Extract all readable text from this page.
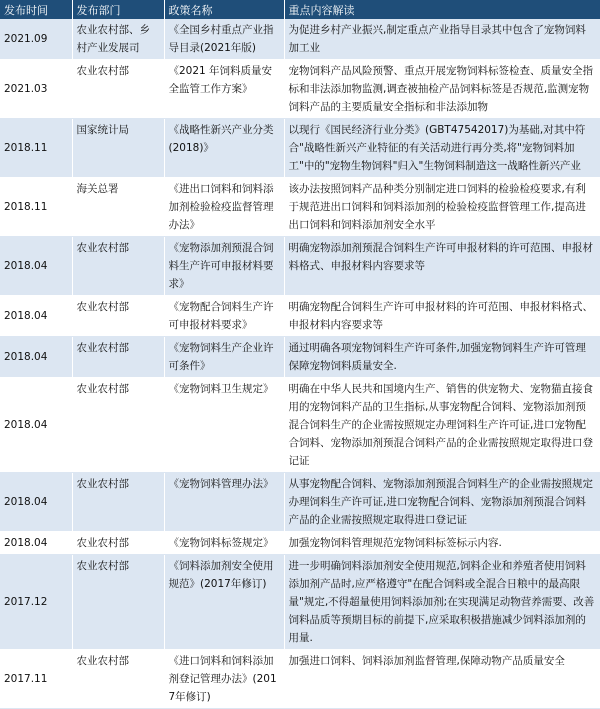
发布时间	发布部门	政策名称	重点内容解读
2021.09	农业农村部、乡村产业发展司	《全国乡村重点产业指导目录(2021年版)	为促进乡村产业振兴,制定重点产业指导目录其中包含了宠物饲料加工业
2021.03	农业农村部	《2021 年饲料质量安全监管工作方案》	宠物饲料产品风险预警、重点开展宠物饲料标签检查、质量安全指标和非法添加物监测,调查被抽检产品饲料标签是否规范,监测宠物饲料产品的主要质量安全指标和非法添加物
2018.11	国家统计局	《战略性新兴产业分类(2018)》	以现行《国民经济行业分类》(GBT47542017)为基础,对其中符合"战略性新兴产业特征的有关活动进行再分类,将"宠物饲料加工"中的"宠物生物饲料"归入"生物饲料制造这一战略性新兴产业
2018.11	海关总署	《进出口饲料和饲料添加剂检验检疫监督管理办法》	该办法按照饲料产品种类分别制定进口饲料的检验检疫要求,有利于规范进出口饲料和饲料添加剂的检验检疫监督管理工作,提高进出口饲料和饲料添加剂安全水平
2018.04	农业农村部	《宠物添加剂预混合饲料生产许可申报材料要求》	明确宠物添加剂预混合饲料生产许可申报材料的许可范围、申报材料格式、申报材料内容要求等
2018.04	农业农村部	《宠物配合饲料生产许可申报材料要求》	明确宠物配合饲料生产许可申报材料的许可范围、申报材料格式、申报材料内容要求等
2018.04	农业农村部	《宠物饲料生产企业许可条件》	通过明确各项宠物饲料生产许可条件,加强宠物饲料生产许可管理保障宠物饲料质量安全.
2018.04	农业农村部	《宠物饲料卫生规定》	明确在中华人民共和国境内生产、销售的供宠物犬、宠物猫直接食用的宠物饲料产品的卫生指标,从事宠物配合饲料、宠物添加剂预混合饲料生产的企业需按照规定办理饲料生产许可证,进口宠物配合饲料、宠物添加剂预混合饲料产品的企业需按照规定取得进口登记证
2018.04	农业农村部	《宠物饲料管理办法》	从事宠物配合饲料、宠物添加剂预混合饲料生产的企业需按照规定办理饲料生产许可证,进口宠物配合饲料、宠物添加剂预混合饲料产品的企业需按照规定取得进口登记证
2018.04	农业农村部	《宠物饲料标签规定》	加强宠物饲料管理规范宠物饲料标签标示内容.
2017.12	农业农村部	《饲料添加剂安全使用规范》(2017年修订)	进一步明确饲料添加剂安全使用规范,饲料企业和养殖者使用饲料添加剂产品时,应严格遵守"在配合饲料或全混合日粮中的最高限量"规定,不得超量使用饲料添加剂;在实现满足动物营养需要、改善饲料品质等预期目标的前提下,应采取积极措施减少饲料添加剂的用量.
2017.11	农业农村部	《进口饲料和饲料添加剂登记管理办法》(2017年修订)	加强进口饲料、饲料添加剂监督管理,保障动物产品质量安全
